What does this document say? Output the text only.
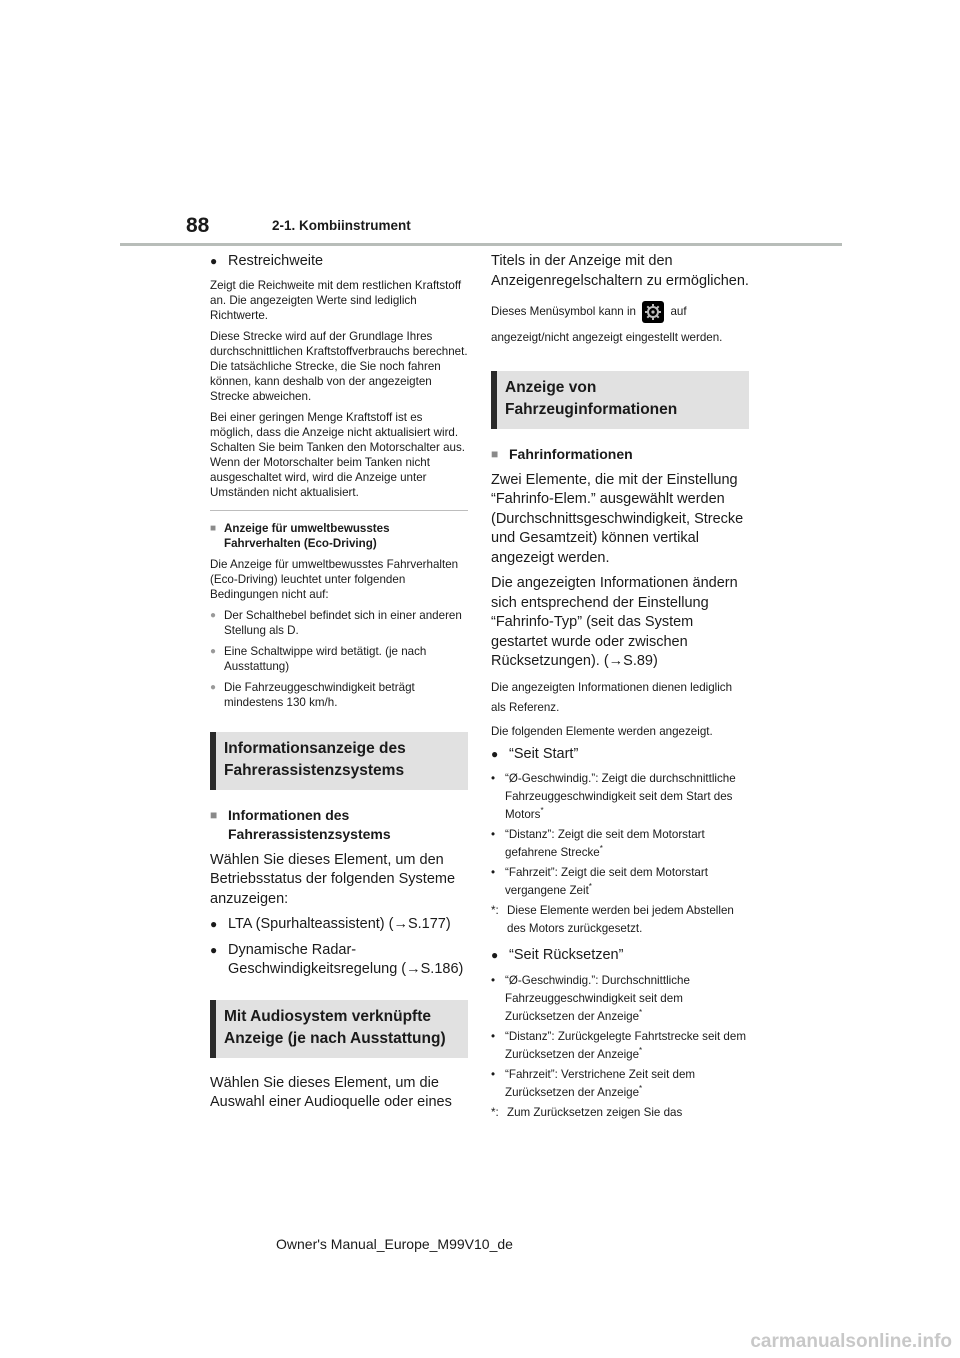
88	2-1. Kombiinstrument
● Restreichweite

Zeigt die Reichweite mit dem restlichen Kraftstoff an. Die angezeigten Werte sind lediglich Richtwerte.

Diese Strecke wird auf der Grundlage Ihres durchschnittlichen Kraftstoffverbrauchs berechnet. Die tatsächliche Strecke, die Sie noch fahren können, kann deshalb von der angezeigten Strecke abweichen.

Bei einer geringen Menge Kraftstoff ist es möglich, dass die Anzeige nicht aktualisiert wird.

Schalten Sie beim Tanken den Motorschalter aus. Wenn der Motorschalter beim Tanken nicht ausgeschaltet wird, wird die Anzeige unter Umständen nicht aktualisiert.

■ Anzeige für umweltbewusstes Fahrverhalten (Eco-Driving)

Die Anzeige für umweltbewusstes Fahrverhalten (Eco-Driving) leuchtet unter folgenden Bedingungen nicht auf:

● Der Schalthebel befindet sich in einer anderen Stellung als D.
● Eine Schaltwippe wird betätigt. (je nach Ausstattung)
● Die Fahrzeuggeschwindigkeit beträgt mindestens 130 km/h.
Informationsanzeige des Fahrerassistenzsystems
■ Informationen des Fahrerassistenzsystems

Wählen Sie dieses Element, um den Betriebsstatus der folgenden Systeme anzuzeigen:

● LTA (Spurhalteassistent) (→S.177)
● Dynamische Radar-Geschwindigkeitsregelung (→S.186)
Mit Audiosystem verknüpfte Anzeige (je nach Ausstattung)

Wählen Sie dieses Element, um die Auswahl einer Audioquelle oder eines

Titels in der Anzeige mit den Anzeigenregelschaltern zu ermöglichen.

Dieses Menüsymbol kann in	auf angezeigt/nicht angezeigt eingestellt werden.

Anzeige von Fahrzeuginformationen
■ Fahrinformationen

Zwei Elemente, die mit der Einstellung “Fahrinfo-Elem.” ausgewählt werden (Durchschnittsgeschwindigkeit, Strecke und Gesamtzeit) können vertikal angezeigt werden.

Die angezeigten Informationen ändern sich entsprechend der Einstellung “Fahrinfo-Typ” (seit das System gestartet wurde oder zwischen Rücksetzungen). (→S.89)

Die angezeigten Informationen dienen lediglich als Referenz.

Die folgenden Elemente werden angezeigt.

● “Seit Start”
• “Ø-Geschwindig.”: Zeigt die durchschnittliche Fahrzeuggeschwindigkeit seit dem Start des Motors*
• “Distanz”: Zeigt die seit dem Motorstart gefahrene Strecke*
• “Fahrzeit”: Zeigt die seit dem Motorstart vergangene Zeit*
*: Diese Elemente werden bei jedem Abstellen des Motors zurückgesetzt.
● “Seit Rücksetzen”
• “Ø-Geschwindig.”: Durchschnittliche Fahrzeuggeschwindigkeit seit dem Zurücksetzen der Anzeige*
• “Distanz”: Zurückgelegte Fahrtstrecke seit dem Zurücksetzen der Anzeige*
• “Fahrzeit”: Verstrichene Zeit seit dem Zurücksetzen der Anzeige*
*: Zum Zurücksetzen zeigen Sie das
Owner's Manual_Europe_M99V10_de
carmanualsonline.info
